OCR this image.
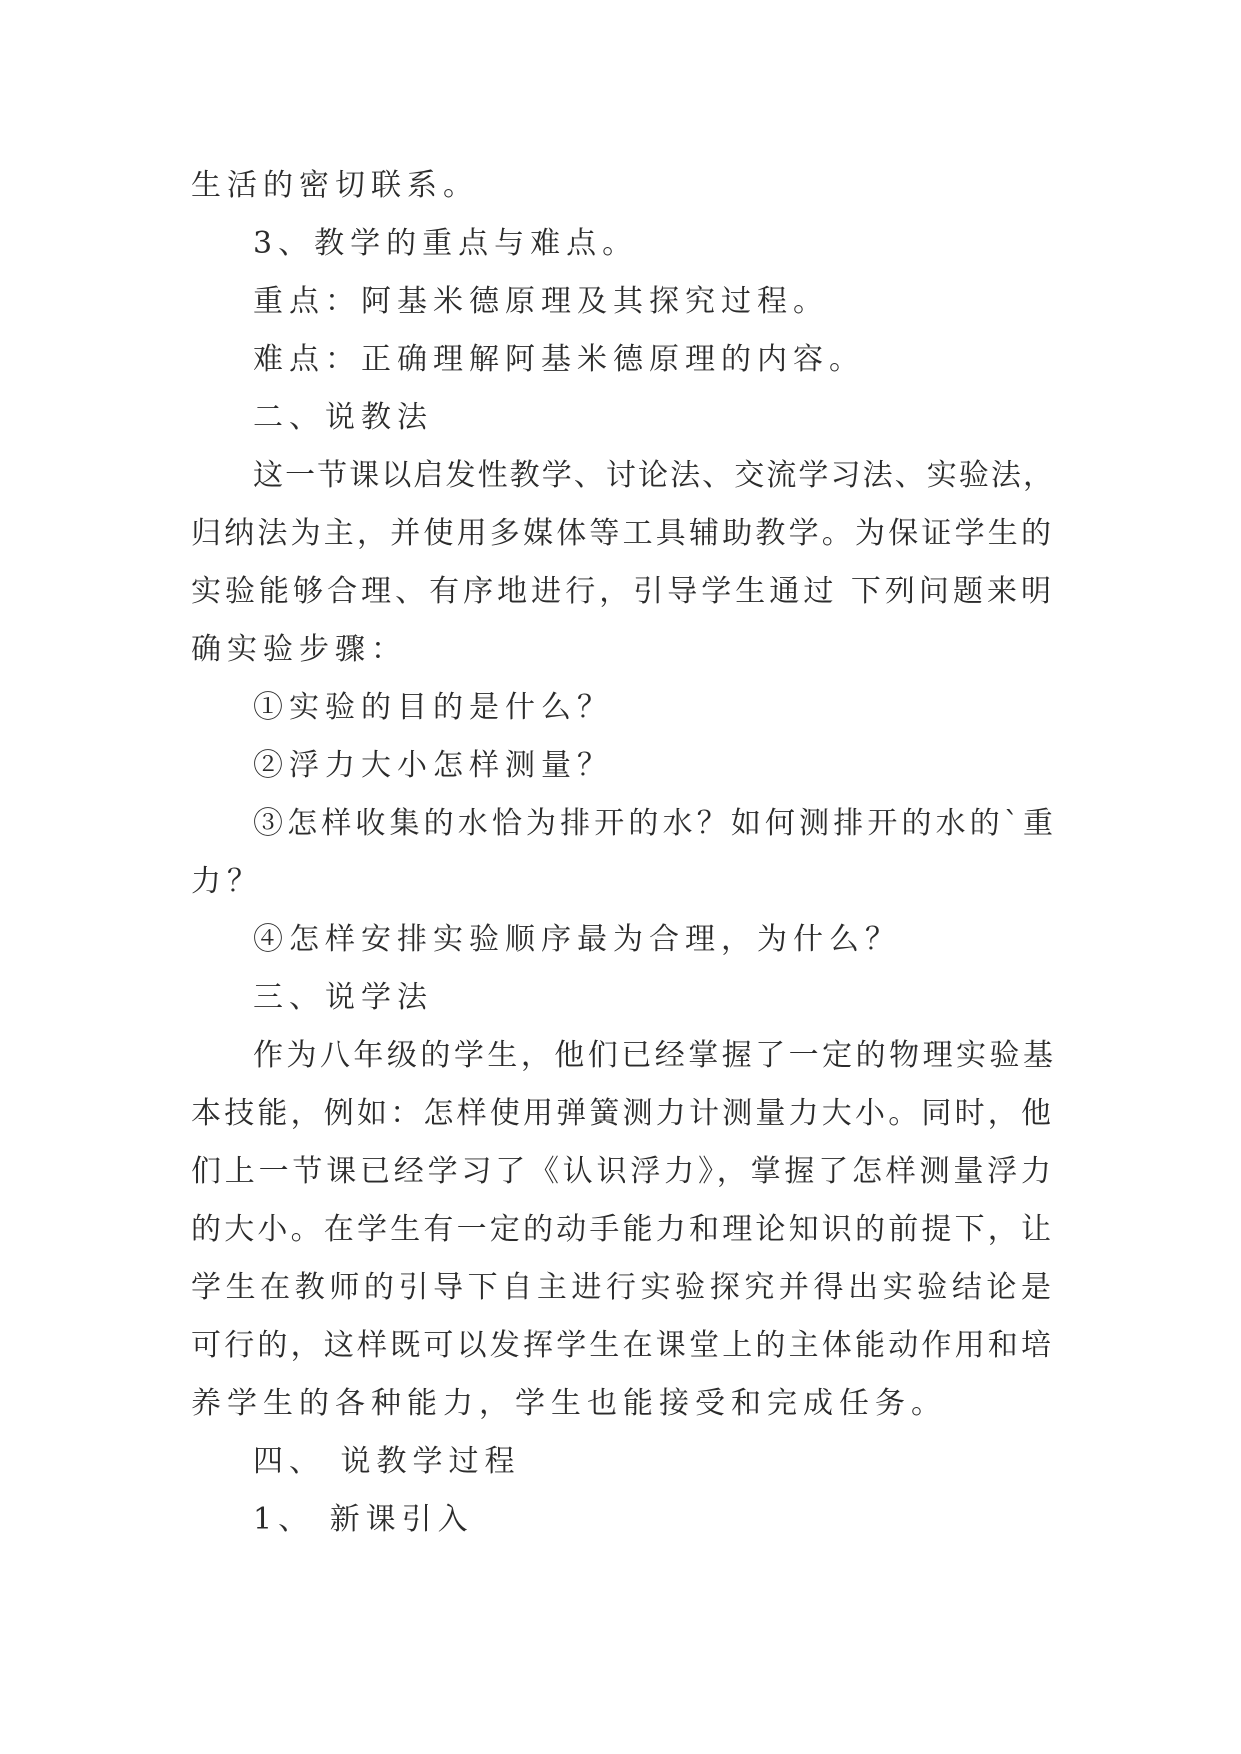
生活的密切联系。
3、教学的重点与难点。
重点：阿基米德原理及其探究过程。
难点：正确理解阿基米德原理的内容。
二、说教法
这一节课以启发性教学、讨论法、交流学习法、实验法，
归纳法为主，并使用多媒体等工具辅助教学。为保证学生的
实验能够合理、有序地进行，引导学生通过 下列问题来明
确实验步骤：
①实验的目的是什么？
②浮力大小怎样测量？
③怎样收集的水恰为排开的水？如何测排开的水的`重
力？
④怎样安排实验顺序最为合理，为什么？
三、说学法
作为八年级的学生，他们已经掌握了一定的物理实验基
本技能，例如：怎样使用弹簧测力计测量力大小。同时，他
们上一节课已经学习了《认识浮力》，掌握了怎样测量浮力
的大小。在学生有一定的动手能力和理论知识的前提下，让
学生在教师的引导下自主进行实验探究并得出实验结论是
可行的，这样既可以发挥学生在课堂上的主体能动作用和培
养学生的各种能力，学生也能接受和完成任务。
四、 说教学过程
1、 新课引入
